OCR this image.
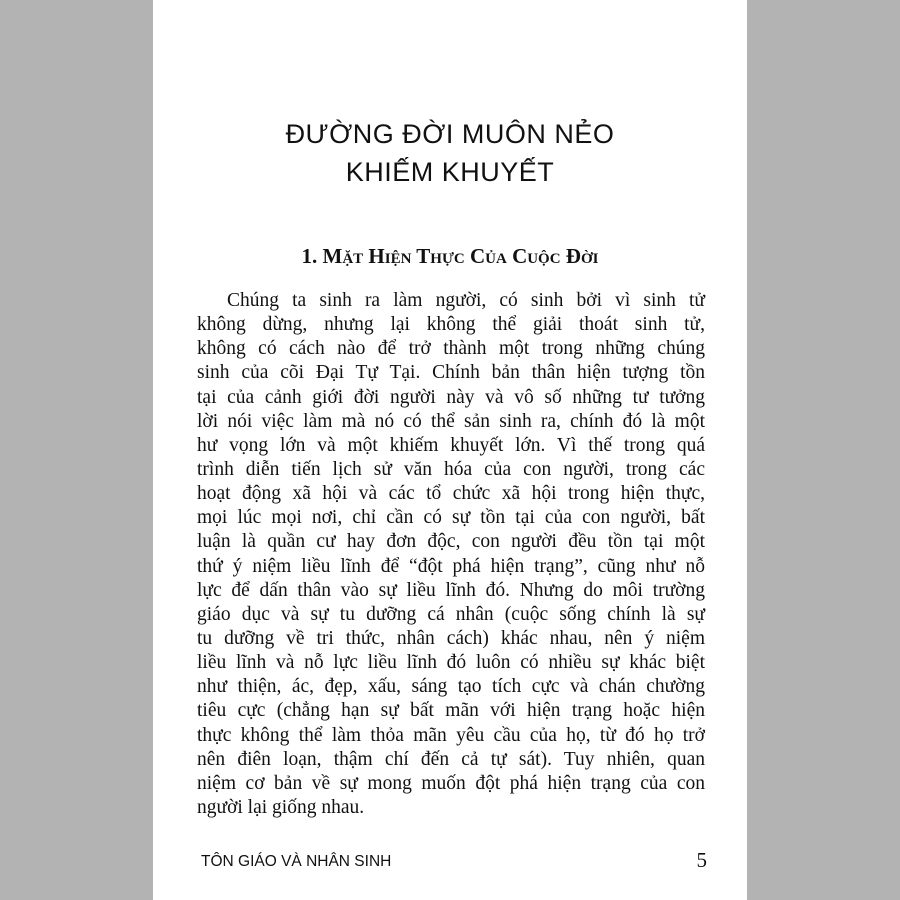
ĐƯỜNG ĐỜI MUÔN NẺO
KHIẾM KHUYẾT
1. Mặt Hiện Thực Của Cuộc Đời
Chúng ta sinh ra làm người, có sinh bởi vì sinh tử
không dừng, nhưng lại không thể giải thoát sinh tử,
không có cách nào để trở thành một trong những chúng
sinh của cõi Đại Tự Tại. Chính bản thân hiện tượng tồn
tại của cảnh giới đời người này và vô số những tư tưởng
lời nói việc làm mà nó có thể sản sinh ra, chính đó là một
hư vọng lớn và một khiếm khuyết lớn. Vì thế trong quá
trình diễn tiến lịch sử văn hóa của con người, trong các
hoạt động xã hội và các tổ chức xã hội trong hiện thực,
mọi lúc mọi nơi, chỉ cần có sự tồn tại của con người, bất
luận là quần cư hay đơn độc, con người đều tồn tại một
thứ ý niệm liều lĩnh để “đột phá hiện trạng”, cũng như nỗ
lực để dấn thân vào sự liều lĩnh đó. Nhưng do môi trường
giáo dục và sự tu dưỡng cá nhân (cuộc sống chính là sự
tu dưỡng về tri thức, nhân cách) khác nhau, nên ý niệm
liều lĩnh và nỗ lực liều lĩnh đó luôn có nhiều sự khác biệt
như thiện, ác, đẹp, xấu, sáng tạo tích cực và chán chường
tiêu cực (chẳng hạn sự bất mãn với hiện trạng hoặc hiện
thực không thể làm thỏa mãn yêu cầu của họ, từ đó họ trở
nên điên loạn, thậm chí đến cả tự sát). Tuy nhiên, quan
niệm cơ bản về sự mong muốn đột phá hiện trạng của con
người lại giống nhau.
TÔN GIÁO VÀ NHÂN SINH	5
